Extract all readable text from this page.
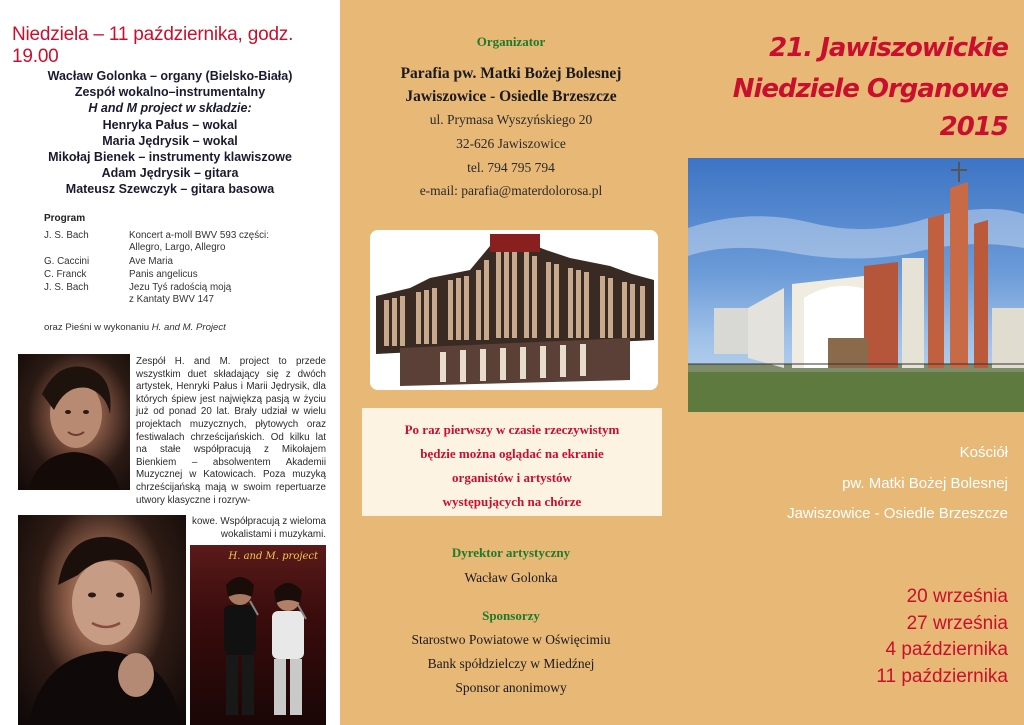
Niedziela – 11 października, godz. 19.00
Wacław Golonka – organy (Bielsko-Biała)
Zespół wokalno–instrumentalny
H and M project w składzie:
Henryka Pałus – wokal
Maria Jędrysik – wokal
Mikołaj Bienek – instrumenty klawiszowe
Adam Jędrysik – gitara
Mateusz Szewczyk – gitara basowa
Program
J. S. Bach	Koncert a-moll BWV 593 części:
Allegro, Largo, Allegro
G. Caccini	Ave Maria
C. Franck	Panis angelicus
J. S. Bach	Jezu Tyś radością moją
z Kantaty BWV 147
oraz Pieśni w wykonaniu H. and M. Project
Zespół H. and M. project to przede wszystkim duet składający się z dwóch artystek, Henryki Pałus i Marii Jędrysik, dla których śpiew jest najwiękzą pasją w życiu już od ponad 20 lat. Brały udział w wielu projektach muzycznych, płytowych oraz festiwalach chrześcijańskich. Od kilku lat na stałe współpracują z Mikołajem Bienkiem – absolwentem Akademii Muzycznej w Katowicach. Poza muzyką chrześcijańską mają w swoim repertuarze utwory klasyczne i rozryw-
kowe. Współpracują z wieloma wokalistami i muzykami.
H. and M. project
Organizator
Parafia pw. Matki Bożej Bolesnej
Jawiszowice - Osiedle Brzeszcze
ul. Prymasa Wyszyńskiego 20
32-626 Jawiszowice
tel. 794 795 794
e-mail: parafia@materdolorosa.pl
Po raz pierwszy w czasie rzeczywistym
będzie można oglądać na ekranie
organistów i artystów
występujących na chórze
Dyrektor artystyczny
Wacław Golonka
Sponsorzy
Starostwo Powiatowe w Oświęcimiu
Bank spółdzielczy w Miedźnej
Sponsor anonimowy
21. Jawiszowickie
Niedziele Organowe
2015
Kościół
pw. Matki Bożej Bolesnej
Jawiszowice - Osiedle Brzeszcze
20 września
27 września
4 października
11 października
